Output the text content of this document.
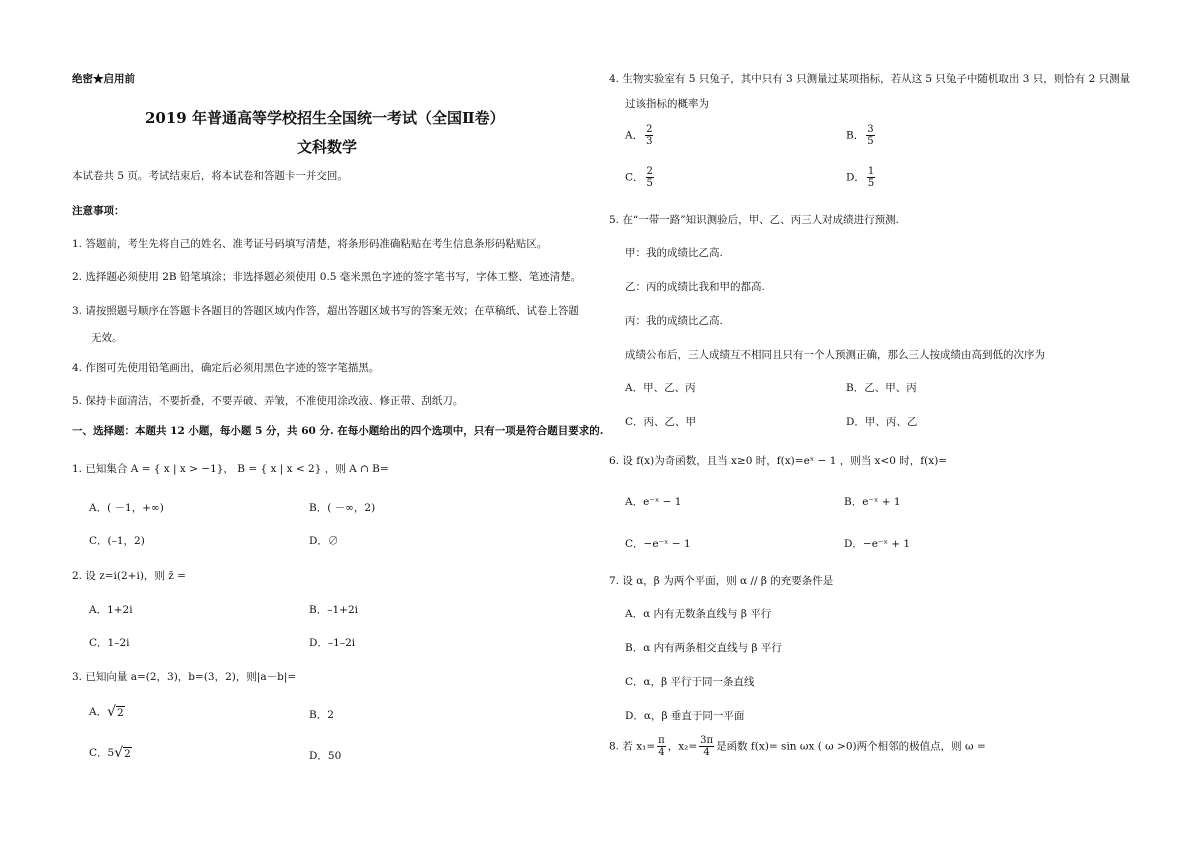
绝密★启用前
2019 年普通高等学校招生全国统一考试（全国Ⅱ卷）
文科数学
本试卷共 5 页。考试结束后，将本试卷和答题卡一并交回。
注意事项：
1. 答题前，考生先将自己的姓名、准考证号码填写清楚，将条形码准确粘贴在考生信息条形码粘贴区。
2. 选择题必须使用 2B 铅笔填涂；非选择题必须使用 0.5 毫米黑色字迹的签字笔书写，字体工整、笔迹清楚。
3. 请按照题号顺序在答题卡各题目的答题区域内作答，超出答题区域书写的答案无效；在草稿纸、试卷上答题
无效。
4. 作图可先使用铅笔画出，确定后必须用黑色字迹的签字笔描黑。
5. 保持卡面清洁，不要折叠，不要弄破、弄皱，不准使用涂改液、修正带、刮纸刀。
一、选择题：本题共 12 小题，每小题 5 分，共 60 分. 在每小题给出的四个选项中，只有一项是符合题目要求的.
1. 已知集合 A = { x | x > −1}， B = { x | x < 2} ，则 A ∩ B=
A．( －1，+∞)	B．( －∞，2)
C．(–1，2)	D．∅
2. 设 z=i(2+i)，则 z̄ =
A．1+2i	B．–1+2i
C．1–2i	D．–1–2i
3. 已知向量 a=(2，3)，b=(3，2)，则|a－b|=
A． √ 2	B．2
C．5 √ 2	D．50
4. 生物实验室有 5 只兔子，其中只有 3 只测量过某项指标，若从这 5 只兔子中随机取出 3 只，则恰有 2 只测量
过该指标的概率为
A． $\frac{2}{3}$	B． $\frac{3}{5}$
C． $\frac{2}{5}$	D． $\frac{1}{5}$
5. 在“一带一路”知识测验后，甲、乙、丙三人对成绩进行预测.
甲：我的成绩比乙高.
乙：丙的成绩比我和甲的都高.
丙：我的成绩比乙高.
成绩公布后，三人成绩互不相同且只有一个人预测正确，那么三人按成绩由高到低的次序为
A．甲、乙、丙	B．乙、甲、丙
C．丙、乙、甲	D．甲、丙、乙
6. 设 f(x)为奇函数，且当 x≥0 时，f(x)=eˣ − 1 ，则当 x<0 时，f(x)=
A．e⁻ˣ − 1	B．e⁻ˣ + 1
C．−e⁻ˣ − 1	D．−e⁻ˣ + 1
7. 设 α，β 为两个平面，则 α // β 的充要条件是
A．α 内有无数条直线与 β 平行
B．α 内有两条相交直线与 β 平行
C．α，β 平行于同一条直线
D．α，β 垂直于同一平面
8. 若 $x_1= \frac{\pi}{4}$ ，$x_2= \frac{3\pi}{4}$ 是函数 f(x)= sin ωx ( ω >0)两个相邻的极值点，则 ω =
